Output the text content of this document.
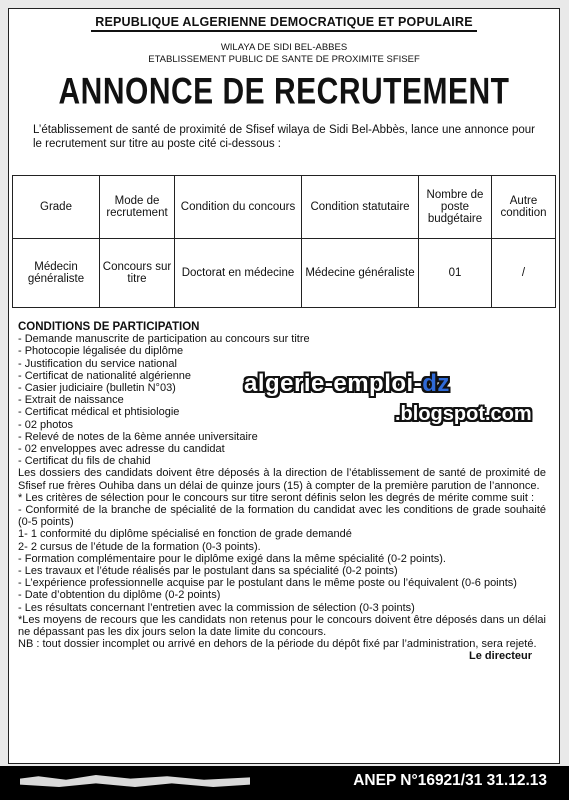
REPUBLIQUE ALGERIENNE DEMOCRATIQUE ET POPULAIRE
WILAYA DE SIDI BEL-ABBES
ETABLISSEMENT PUBLIC DE SANTE DE PROXIMITE SFISEF
ANNONCE DE RECRUTEMENT
L’établissement de santé de proximité de Sfisef wilaya de Sidi Bel-Abbès, lance une annonce pour le recrutement sur titre au poste cité ci-dessous :
Grade	Mode de recrutement	Condition du concours	Condition statutaire	Nombre de poste budgétaire	Autre condition
Médecin généraliste	Concours sur titre	Doctorat en médecine	Médecine généraliste	01	/
CONDITIONS DE PARTICIPATION
- Demande manuscrite de participation au concours sur titre
- Photocopie légalisée du diplôme
- Justification du service national
- Certificat de nationalité algérienne
- Casier judiciaire (bulletin N°03)
- Extrait de naissance
- Certificat médical et phtisiologie
- 02 photos
- Relevé de notes de la 6ème année universitaire
- 02 enveloppes avec adresse du candidat
- Certificat du fils de chahid
Les dossiers des candidats doivent être déposés à la direction de l’établissement de santé de proximité de Sfisef rue frères Ouhiba dans un délai de quinze jours (15) à compter de la première parution de l’annonce.
* Les critères de sélection pour le concours sur titre seront définis selon les degrés de mérite comme suit :
- Conformité de la branche de spécialité de la formation du candidat avec les conditions de grade souhaité (0-5 points)
1- 1 conformité du diplôme spécialisé en fonction de grade demandé
2- 2 cursus de l’étude de la formation (0-3 points).
- Formation complémentaire pour le diplôme exigé dans la même spécialité (0-2 points).
- Les travaux et l’étude réalisés par le postulant dans sa spécialité (0-2 points)
- L’expérience professionnelle acquise par le postulant dans le même poste ou l’équivalent (0-6 points)
- Date d’obtention du diplôme (0-2 points)
- Les résultats concernant l’entretien avec la commission de sélection (0-3 points)
*Les moyens de recours que les candidats non retenus pour le concours doivent être déposés dans un délai ne dépassant pas les dix jours selon la date limite du concours.
NB : tout dossier incomplet ou arrivé en dehors de la période du dépôt fixé par l’administration, sera rejeté.
Le directeur
algerie-emploi-dz
.blogspot.com
ANEP N°16921/31 31.12.13
